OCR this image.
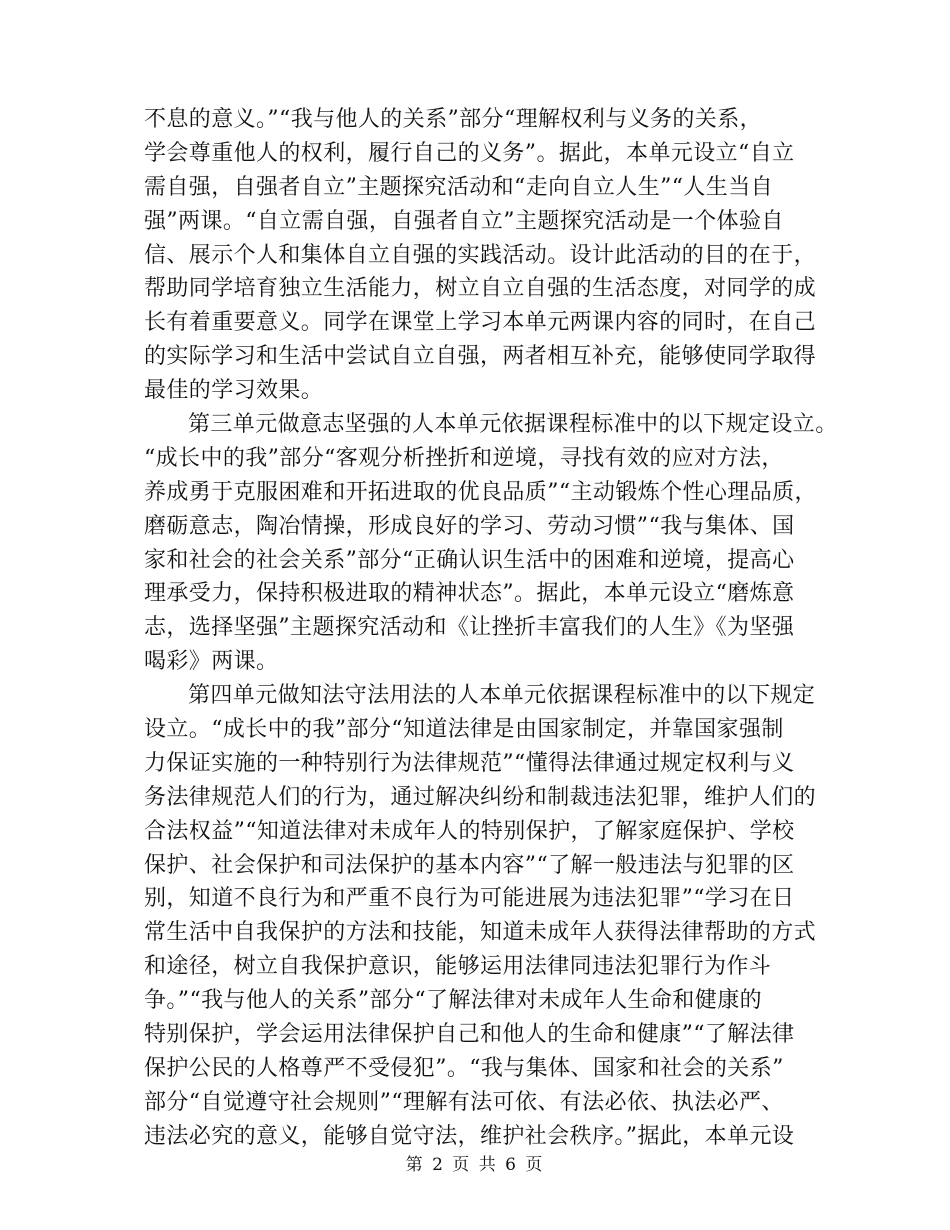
不息的意义。”“我与他人的关系”部分“理解权利与义务的关系，
学会尊重他人的权利，履行自己的义务”。据此，本单元设立“自立
需自强，自强者自立”主题探究活动和“走向自立人生”“人生当自
强”两课。“自立需自强，自强者自立”主题探究活动是一个体验自
信、展示个人和集体自立自强的实践活动。设计此活动的目的在于，
帮助同学培育独立生活能力，树立自立自强的生活态度，对同学的成
长有着重要意义。同学在课堂上学习本单元两课内容的同时，在自己
的实际学习和生活中尝试自立自强，两者相互补充，能够使同学取得
最佳的学习效果。
第三单元做意志坚强的人本单元依据课程标准中的以下规定设立。
“成长中的我”部分“客观分析挫折和逆境，寻找有效的应对方法，
养成勇于克服困难和开拓进取的优良品质”“主动锻炼个性心理品质，
磨砺意志，陶冶情操，形成良好的学习、劳动习惯”“我与集体、国
家和社会的社会关系”部分“正确认识生活中的困难和逆境，提高心
理承受力，保持积极进取的精神状态”。据此，本单元设立“磨炼意
志，选择坚强”主题探究活动和《让挫折丰富我们的人生》《为坚强
喝彩》两课。
第四单元做知法守法用法的人本单元依据课程标准中的以下规定
设立。“成长中的我”部分“知道法律是由国家制定，并靠国家强制
力保证实施的一种特别行为法律规范”“懂得法律通过规定权利与义
务法律规范人们的行为，通过解决纠纷和制裁违法犯罪，维护人们的
合法权益”“知道法律对未成年人的特别保护，了解家庭保护、学校
保护、社会保护和司法保护的基本内容”“了解一般违法与犯罪的区
别，知道不良行为和严重不良行为可能进展为违法犯罪”“学习在日
常生活中自我保护的方法和技能，知道未成年人获得法律帮助的方式
和途径，树立自我保护意识，能够运用法律同违法犯罪行为作斗
争。”“我与他人的关系”部分“了解法律对未成年人生命和健康的
特别保护，学会运用法律保护自己和他人的生命和健康”“了解法律
保护公民的人格尊严不受侵犯”。“我与集体、国家和社会的关系”
部分“自觉遵守社会规则”“理解有法可依、有法必依、执法必严、
违法必究的意义，能够自觉守法，维护社会秩序。”据此，本单元设
第 2 页 共 6 页
